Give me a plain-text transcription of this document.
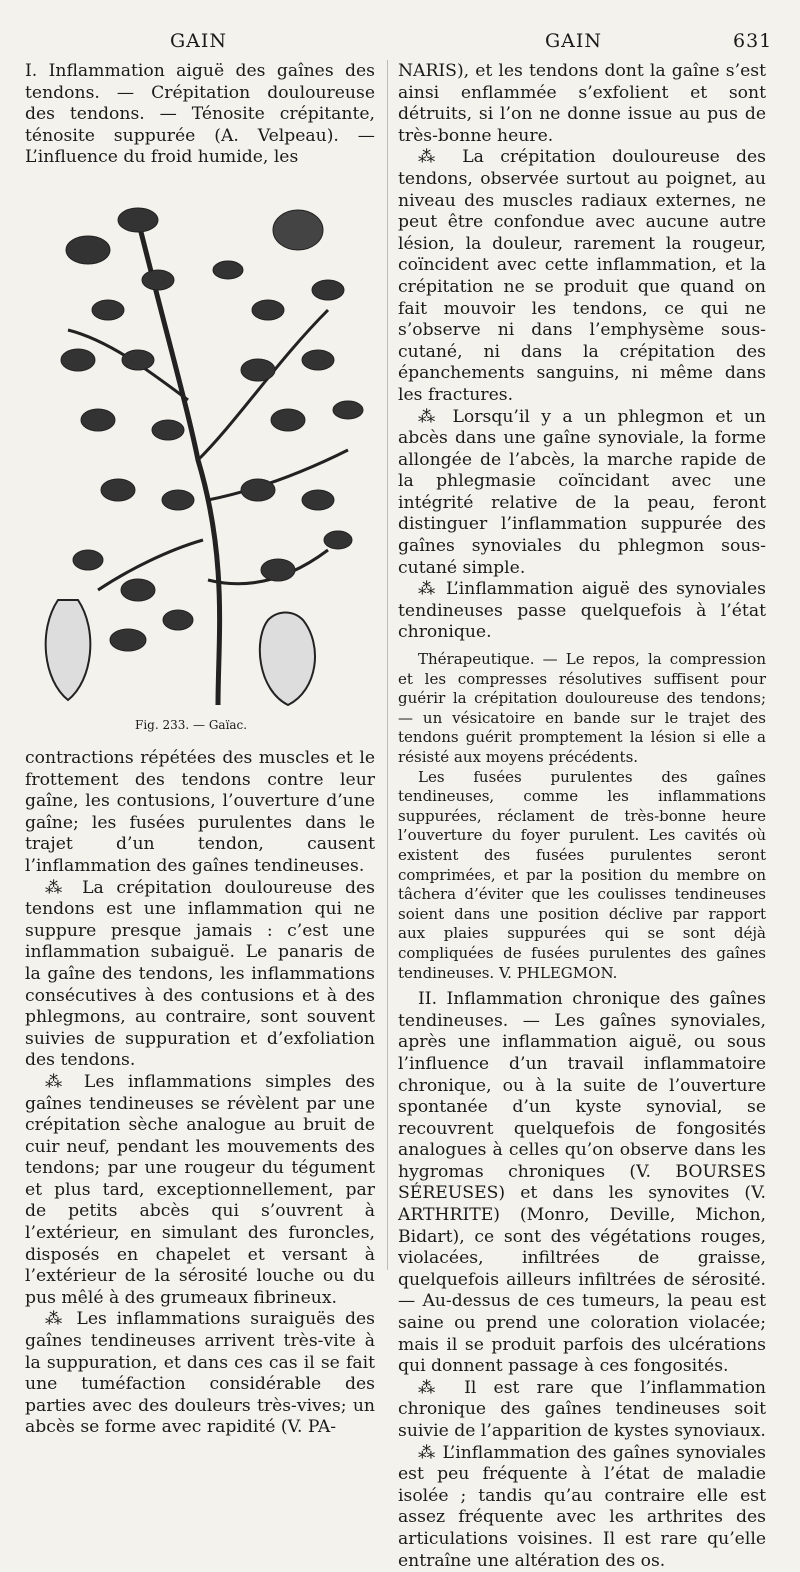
GAIN	GAIN	631

I. Inflammation aiguë des gaînes des tendons. — Crépitation douloureuse des tendons. — Ténosite crépitante, ténosite suppurée (A. Velpeau). — L’influence du froid humide, les

Fig. 233. — Gaïac.

contractions répétées des muscles et le frottement des tendons contre leur gaîne, les contusions, l’ouverture d’une gaîne; les fusées purulentes dans le trajet d’un tendon, causent l’inflammation des gaînes tendineuses.

⁂ La crépitation douloureuse des tendons est une inflammation qui ne suppure presque jamais : c’est une inflammation subaiguë. Le panaris de la gaîne des tendons, les inflammations consécutives à des contusions et à des phlegmons, au contraire, sont souvent suivies de suppuration et d’exfoliation des tendons.

⁂ Les inflammations simples des gaînes tendineuses se révèlent par une crépitation sèche analogue au bruit de cuir neuf, pendant les mouvements des tendons; par une rougeur du tégument et plus tard, exceptionnellement, par de petits abcès qui s’ouvrent à l’extérieur, en simulant des furoncles, disposés en chapelet et versant à l’extérieur de la sérosité louche ou du pus mêlé à des grumeaux fibrineux.

⁂ Les inflammations suraiguës des gaînes tendineuses arrivent très-vite à la suppuration, et dans ces cas il se fait une tuméfaction considérable des parties avec des douleurs très-vives; un abcès se forme avec rapidité (V. PA-

NARIS), et les tendons dont la gaîne s’est ainsi enflammée s’exfolient et sont détruits, si l’on ne donne issue au pus de très-bonne heure.

⁂ La crépitation douloureuse des tendons, observée surtout au poignet, au niveau des muscles radiaux externes, ne peut être confondue avec aucune autre lésion, la douleur, rarement la rougeur, coïncident avec cette inflammation, et la crépitation ne se produit que quand on fait mouvoir les tendons, ce qui ne s’observe ni dans l’emphysème sous-cutané, ni dans la crépitation des épanchements sanguins, ni même dans les fractures.

⁂ Lorsqu’il y a un phlegmon et un abcès dans une gaîne synoviale, la forme allongée de l’abcès, la marche rapide de la phlegmasie coïncidant avec une intégrité relative de la peau, feront distinguer l’inflammation suppurée des gaînes synoviales du phlegmon sous-cutané simple.

⁂ L’inflammation aiguë des synoviales tendineuses passe quelquefois à l’état chronique.

Thérapeutique. — Le repos, la compression et les compresses résolutives suffisent pour guérir la crépitation douloureuse des tendons; — un vésicatoire en bande sur le trajet des tendons guérit promptement la lésion si elle a résisté aux moyens précédents.

Les fusées purulentes des gaînes tendineuses, comme les inflammations suppurées, réclament de très-bonne heure l’ouverture du foyer purulent. Les cavités où existent des fusées purulentes seront comprimées, et par la position du membre on tâchera d’éviter que les coulisses tendineuses soient dans une position déclive par rapport aux plaies suppurées qui se sont déjà compliquées de fusées purulentes des gaînes tendineuses. V. PHLEGMON.

II. Inflammation chronique des gaînes tendineuses. — Les gaînes synoviales, après une inflammation aiguë, ou sous l’influence d’un travail inflammatoire chronique, ou à la suite de l’ouverture spontanée d’un kyste synovial, se recouvrent quelquefois de fongosités analogues à celles qu’on observe dans les hygromas chroniques (V. BOURSES SÉREUSES) et dans les synovites (V. ARTHRITE) (Monro, Deville, Michon, Bidart), ce sont des végétations rouges, violacées, infiltrées de graisse, quelquefois ailleurs infiltrées de sérosité. — Au-dessus de ces tumeurs, la peau est saine ou prend une coloration violacée; mais il se produit parfois des ulcérations qui donnent passage à ces fongosités.

⁂ Il est rare que l’inflammation chronique des gaînes tendineuses soit suivie de l’apparition de kystes synoviaux.

⁂ L’inflammation des gaînes synoviales est peu fréquente à l’état de maladie isolée ; tandis qu’au contraire elle est assez fréquente avec les arthrites des articulations voisines. Il est rare qu’elle entraîne une altération des os.
